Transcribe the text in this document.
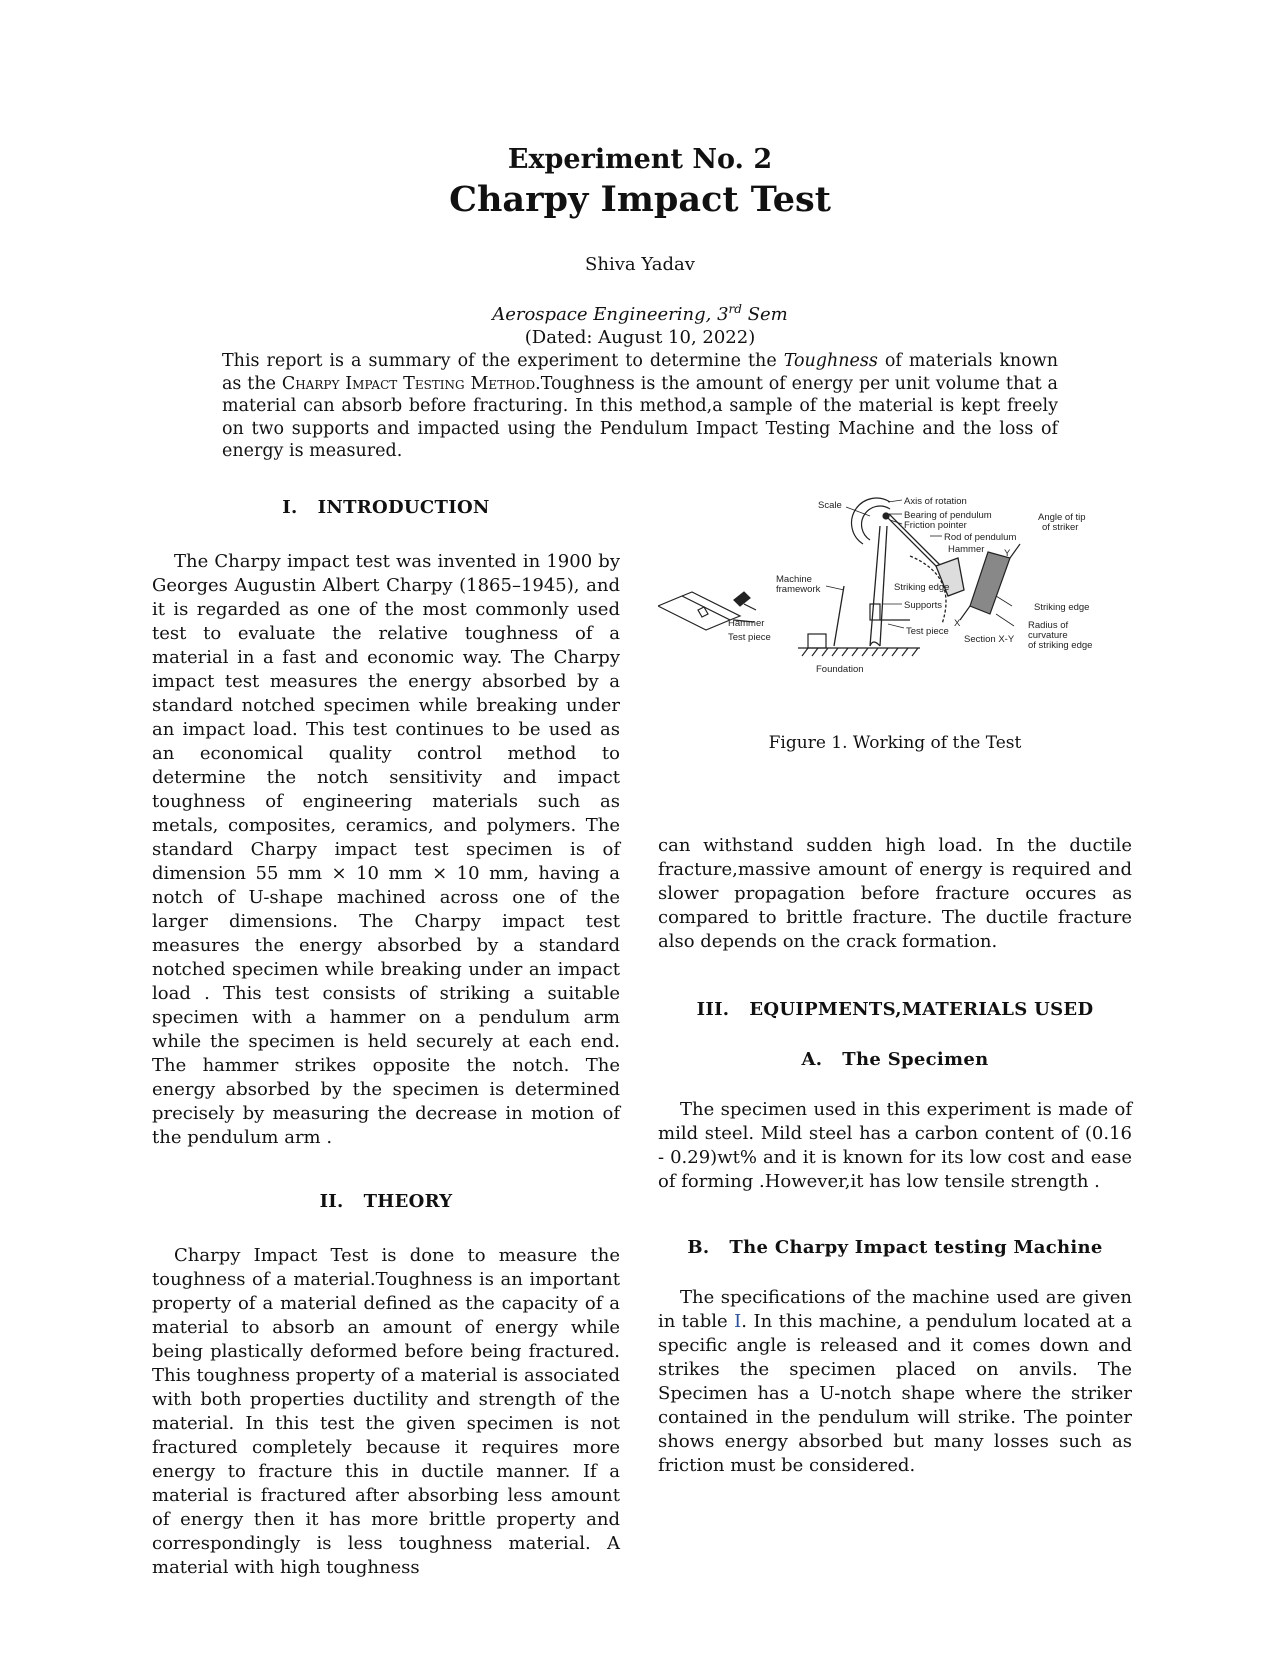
Experiment No. 2
Charpy Impact Test
Shiva Yadav
Aerospace Engineering, 3rd Sem
(Dated: August 10, 2022)
This report is a summary of the experiment to determine the Toughness of materials known as the Charpy Impact Testing Method.Toughness is the amount of energy per unit volume that a material can absorb before fracturing. In this method,a sample of the material is kept freely on two supports and impacted using the Pendulum Impact Testing Machine and the loss of energy is measured.
I. INTRODUCTION

The Charpy impact test was invented in 1900 by Georges Augustin Albert Charpy (1865–1945), and it is regarded as one of the most commonly used test to evaluate the relative toughness of a material in a fast and economic way. The Charpy impact test measures the energy absorbed by a standard notched specimen while breaking under an impact load. This test continues to be used as an economical quality control method to determine the notch sensitivity and impact toughness of engineering materials such as metals, composites, ceramics, and polymers. The standard Charpy impact test specimen is of dimension 55 mm × 10 mm × 10 mm, having a notch of U-shape machined across one of the larger dimensions. The Charpy impact test measures the energy absorbed by a standard notched specimen while breaking under an impact load . This test consists of striking a suitable specimen with a hammer on a pendulum arm while the specimen is held securely at each end. The hammer strikes opposite the notch. The energy absorbed by the specimen is determined precisely by measuring the decrease in motion of the pendulum arm .

II. THEORY

Charpy Impact Test is done to measure the toughness of a material.Toughness is an important property of a material defined as the capacity of a material to absorb an amount of energy while being plastically deformed before being fractured. This toughness property of a material is associated with both properties ductility and strength of the material. In this test the given specimen is not fractured completely because it requires more energy to fracture this in ductile manner. If a material is fractured after absorbing less amount of energy then it has more brittle property and correspondingly is less toughness material. A material with high toughness

Scale	Axis of rotation
Bearing of pendulum
Friction pointer
Rod of pendulum
Hammer Y
Angle of tip
of striker
Machine
framework	Striking edge
Supports
X
Striking edge
Hammer
Test piece
Test piece
Section X-Y
Radius of
curvature
of striking edge
Foundation
Figure 1. Working of the Test

can withstand sudden high load. In the ductile fracture,massive amount of energy is required and slower propagation before fracture occures as compared to brittle fracture. The ductile fracture also depends on the crack formation.

III. EQUIPMENTS,MATERIALS USED
A. The Specimen

The specimen used in this experiment is made of mild steel. Mild steel has a carbon content of (0.16 - 0.29)wt% and it is known for its low cost and ease of forming .However,it has low tensile strength .

B. The Charpy Impact testing Machine

The specifications of the machine used are given in table I. In this machine, a pendulum located at a specific angle is released and it comes down and strikes the specimen placed on anvils. The Specimen has a U-notch shape where the striker contained in the pendulum will strike. The pointer shows energy absorbed but many losses such as friction must be considered.
